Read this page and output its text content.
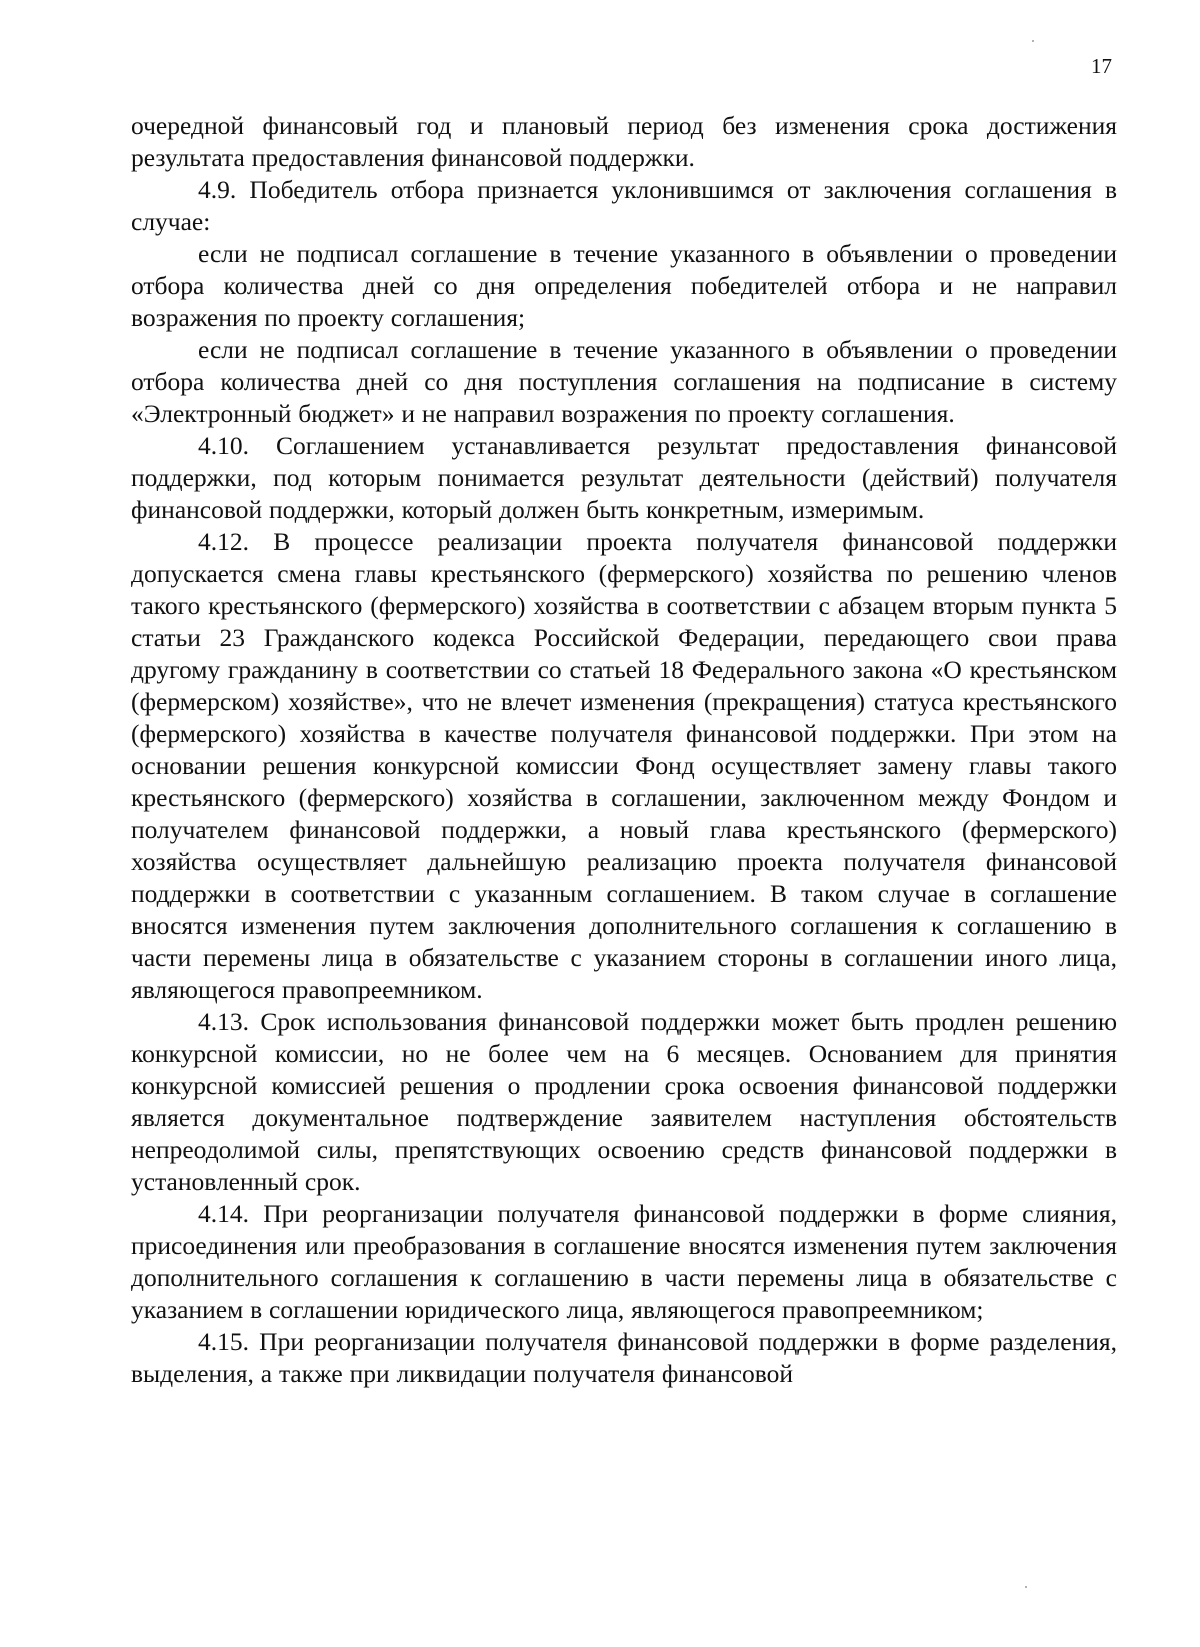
17

очередной финансовый год и плановый период без изменения срока достижения результата предоставления финансовой поддержки.

4.9. Победитель отбора признается уклонившимся от заключения соглашения в случае:

если не подписал соглашение в течение указанного в объявлении о проведении отбора количества дней со дня определения победителей отбора и не направил возражения по проекту соглашения;

если не подписал соглашение в течение указанного в объявлении о проведении отбора количества дней со дня поступления соглашения на подписание в систему «Электронный бюджет» и не направил возражения по проекту соглашения.

4.10. Соглашением устанавливается результат предоставления финансовой поддержки, под которым понимается результат деятельности (действий) получателя финансовой поддержки, который должен быть конкретным, измеримым.

4.12. В процессе реализации проекта получателя финансовой поддержки допускается смена главы крестьянского (фермерского) хозяйства по решению членов такого крестьянского (фермерского) хозяйства в соответствии с абзацем вторым пункта 5 статьи 23 Гражданского кодекса Российской Федерации, передающего свои права другому гражданину в соответствии со статьей 18 Федерального закона «О крестьянском (фермерском) хозяйстве», что не влечет изменения (прекращения) статуса крестьянского (фермерского) хозяйства в качестве получателя финансовой поддержки. При этом на основании решения конкурсной комиссии Фонд осуществляет замену главы такого крестьянского (фермерского) хозяйства в соглашении, заключенном между Фондом и получателем финансовой поддержки, а новый глава крестьянского (фермерского) хозяйства осуществляет дальнейшую реализацию проекта получателя финансовой поддержки в соответствии с указанным соглашением. В таком случае в соглашение вносятся изменения путем заключения дополнительного соглашения к соглашению в части перемены лица в обязательстве с указанием стороны в соглашении иного лица, являющегося правопреемником.

4.13. Срок использования финансовой поддержки может быть продлен решению конкурсной комиссии, но не более чем на 6 месяцев. Основанием для принятия конкурсной комиссией решения о продлении срока освоения финансовой поддержки является документальное подтверждение заявителем наступления обстоятельств непреодолимой силы, препятствующих освоению средств финансовой поддержки в установленный срок.

4.14. При реорганизации получателя финансовой поддержки в форме слияния, присоединения или преобразования в соглашение вносятся изменения путем заключения дополнительного соглашения к соглашению в части перемены лица в обязательстве с указанием в соглашении юридического лица, являющегося правопреемником;

4.15. При реорганизации получателя финансовой поддержки в форме разделения, выделения, а также при ликвидации получателя финансовой
